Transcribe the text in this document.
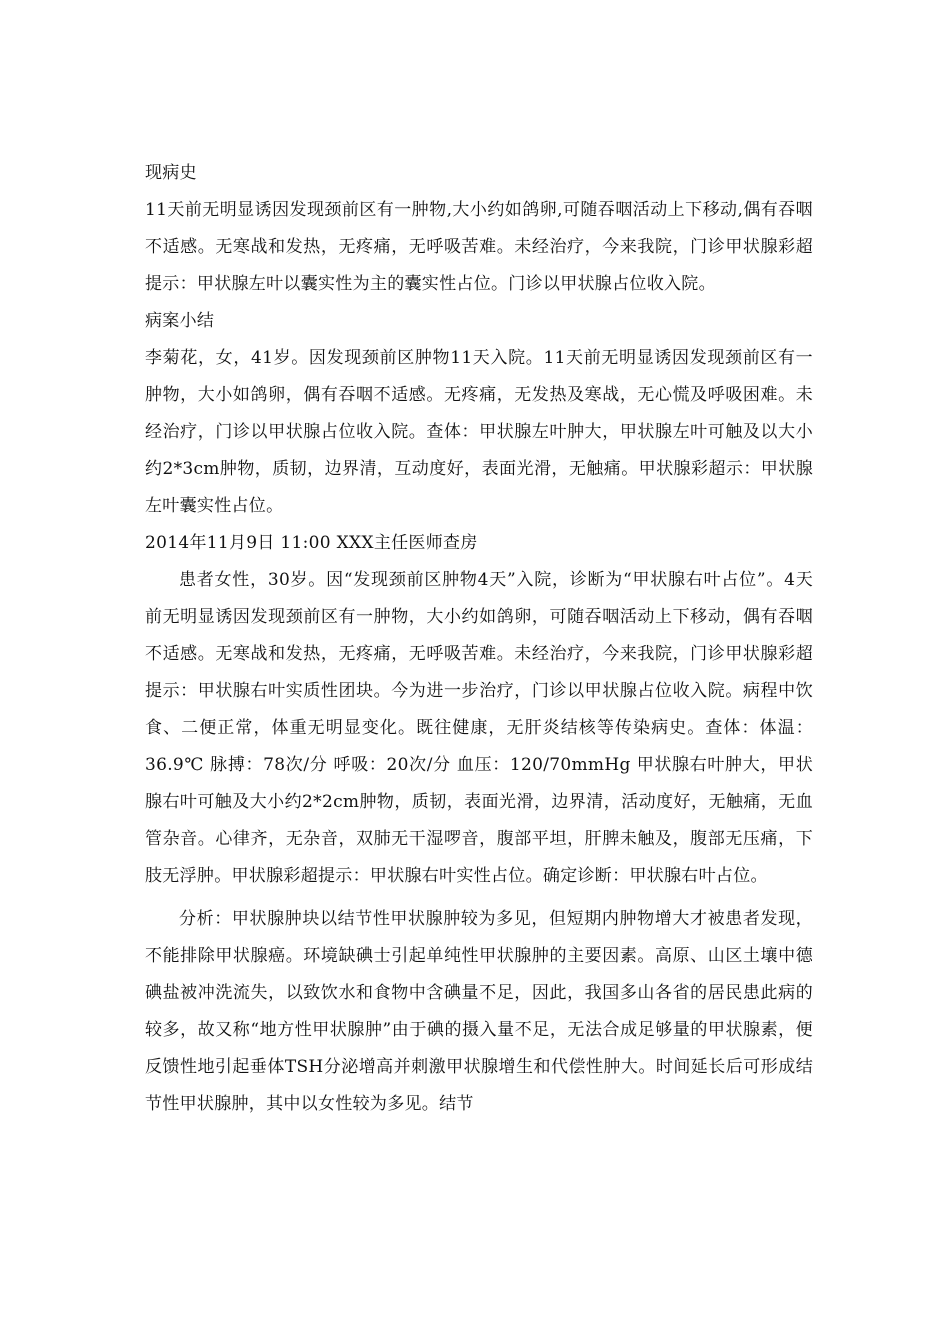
现病史

11天前无明显诱因发现颈前区有一肿物,大小约如鸽卵,可随吞咽活动上下移动,偶有吞咽不适感。无寒战和发热，无疼痛，无呼吸苦难。未经治疗，今来我院，门诊甲状腺彩超提示：甲状腺左叶以囊实性为主的囊实性占位。门诊以甲状腺占位收入院。

病案小结

李菊花，女，41岁。因发现颈前区肿物11天入院。11天前无明显诱因发现颈前区有一肿物，大小如鸽卵，偶有吞咽不适感。无疼痛，无发热及寒战，无心慌及呼吸困难。未经治疗，门诊以甲状腺占位收入院。查体：甲状腺左叶肿大，甲状腺左叶可触及以大小约2*3cm肿物，质韧，边界清，互动度好，表面光滑，无触痛。甲状腺彩超示：甲状腺左叶囊实性占位。

2014年11月9日 11:00 XXX主任医师查房

患者女性，30岁。因“发现颈前区肿物4天”入院，诊断为“甲状腺右叶占位”。4天前无明显诱因发现颈前区有一肿物，大小约如鸽卵，可随吞咽活动上下移动，偶有吞咽不适感。无寒战和发热，无疼痛，无呼吸苦难。未经治疗，今来我院，门诊甲状腺彩超提示：甲状腺右叶实质性团块。今为进一步治疗，门诊以甲状腺占位收入院。病程中饮食、二便正常，体重无明显变化。既往健康，无肝炎结核等传染病史。查体：体温：36.9℃ 脉搏：78次/分 呼吸：20次/分 血压：120/70mmHg 甲状腺右叶肿大，甲状腺右叶可触及大小约2*2cm肿物，质韧，表面光滑，边界清，活动度好，无触痛，无血管杂音。心律齐，无杂音，双肺无干湿啰音，腹部平坦，肝脾未触及，腹部无压痛，下肢无浮肿。甲状腺彩超提示：甲状腺右叶实性占位。确定诊断：甲状腺右叶占位。

分析：甲状腺肿块以结节性甲状腺肿较为多见，但短期内肿物增大才被患者发现，不能排除甲状腺癌。环境缺碘士引起单纯性甲状腺肿的主要因素。高原、山区土壤中德碘盐被冲洗流失，以致饮水和食物中含碘量不足，因此，我国多山各省的居民患此病的较多，故又称“地方性甲状腺肿”由于碘的摄入量不足，无法合成足够量的甲状腺素，便反馈性地引起垂体TSH分泌增高并刺激甲状腺增生和代偿性肿大。时间延长后可形成结节性甲状腺肿，其中以女性较为多见。结节
